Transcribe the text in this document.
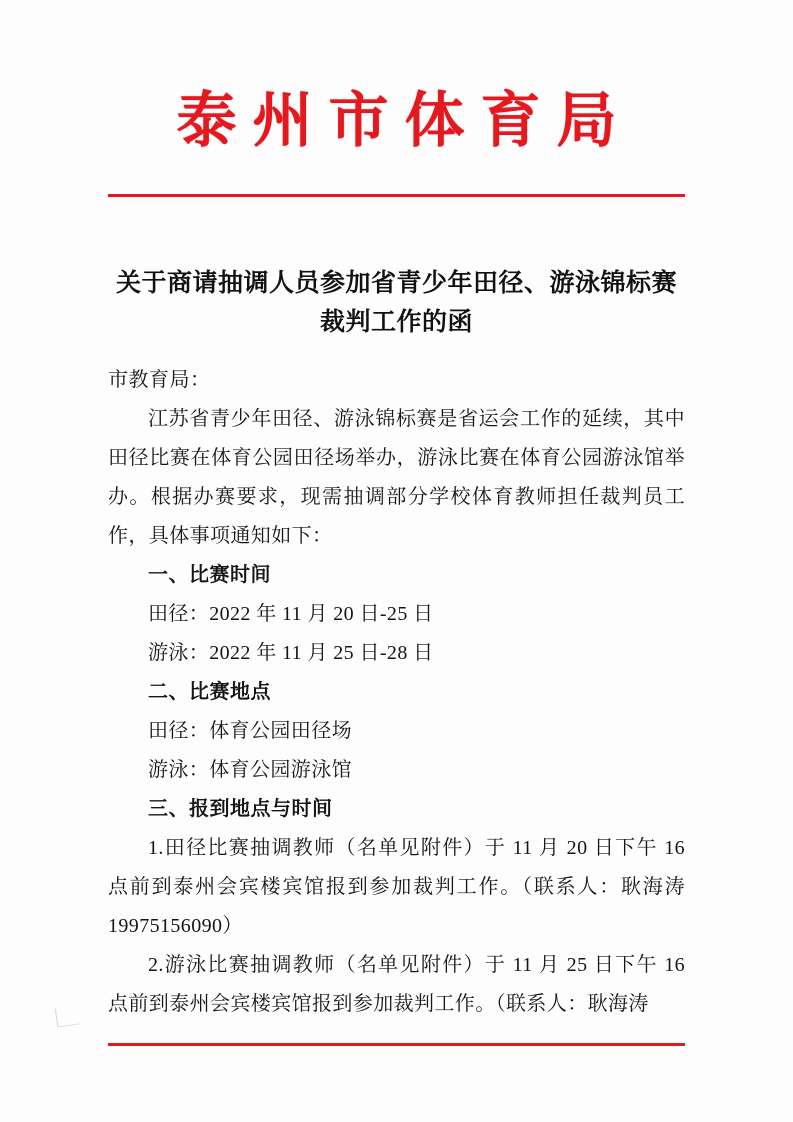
泰州市体育局
关于商请抽调人员参加省青少年田径、游泳锦标赛裁判工作的函
市教育局：
江苏省青少年田径、游泳锦标赛是省运会工作的延续，其中田径比赛在体育公园田径场举办，游泳比赛在体育公园游泳馆举办。根据办赛要求，现需抽调部分学校体育教师担任裁判员工作，具体事项通知如下：
一、比赛时间
田径：2022 年 11 月 20 日-25 日
游泳：2022 年 11 月 25 日-28 日
二、比赛地点
田径：体育公园田径场
游泳：体育公园游泳馆
三、报到地点与时间
1.田径比赛抽调教师（名单见附件）于 11 月 20 日下午 16 点前到泰州会宾楼宾馆报到参加裁判工作。（联系人：耿海涛 19975156090）
2.游泳比赛抽调教师（名单见附件）于 11 月 25 日下午 16 点前到泰州会宾楼宾馆报到参加裁判工作。（联系人：耿海涛
